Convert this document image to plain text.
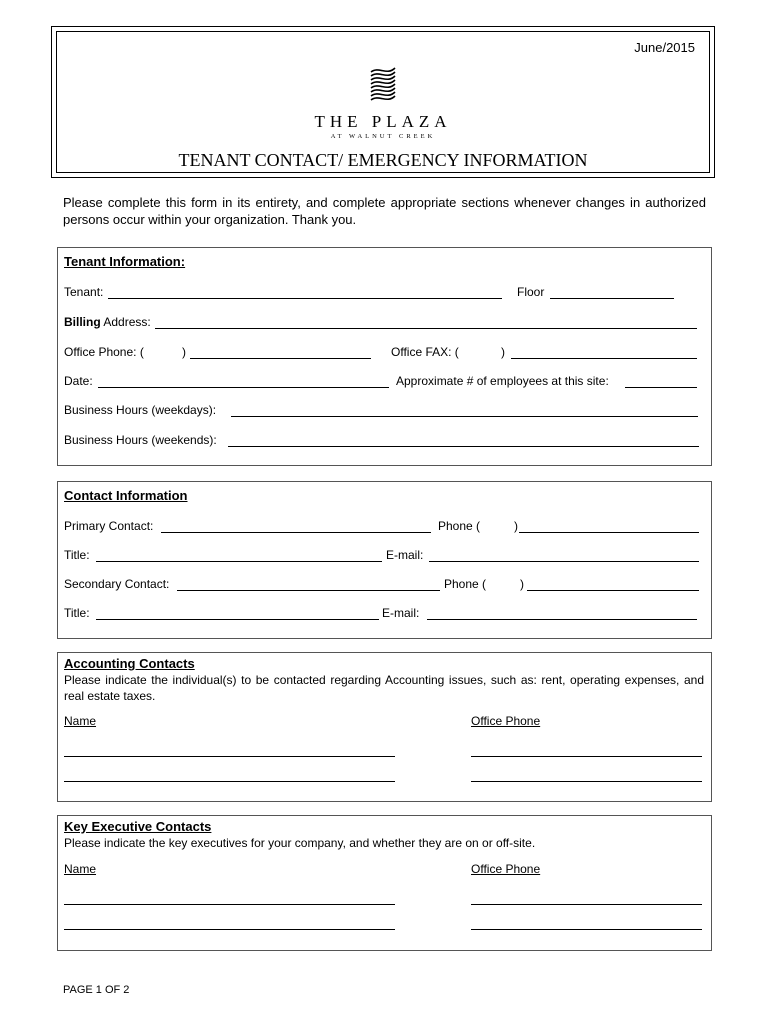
June/2015
THE PLAZA
AT WALNUT CREEK
TENANT CONTACT/ EMERGENCY INFORMATION
Please complete this form in its entirety, and complete appropriate sections whenever changes in authorized persons occur within your organization. Thank you.
Tenant Information:
Tenant:	Floor
Billing Address:
Office Phone: (	)	Office FAX: (	)
Date:	Approximate # of employees at this site:
Business Hours (weekdays):
Business Hours (weekends):
Contact Information
Primary Contact:	Phone (	)
Title:	E-mail:
Secondary Contact:	Phone (	)
Title:	E-mail:
Accounting Contacts
Please indicate the individual(s) to be contacted regarding Accounting issues, such as: rent, operating expenses, and real estate taxes.
Name	Office Phone
Key Executive Contacts
Please indicate the key executives for your company, and whether they are on or off-site.
Name	Office Phone
PAGE 1 OF 2
